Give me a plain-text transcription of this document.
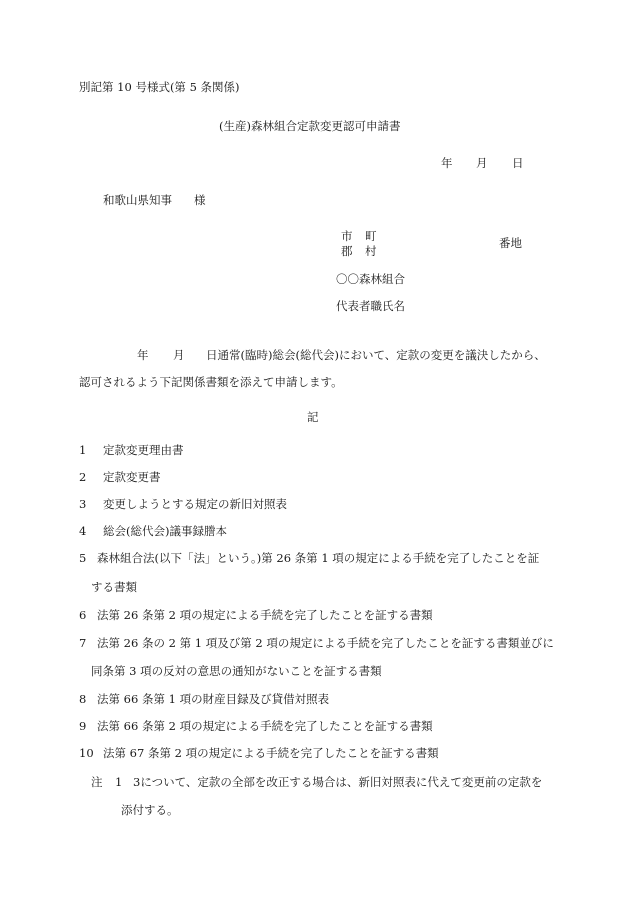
別記第 10 号様式(第 5 条関係)
(生産)森林組合定款変更認可申請書
年 月 日
和歌山県知事 様
市 町
郡 村
番地
〇〇森林組合
代表者職氏名
年 月 日通常(臨時)総会(総代会)において、定款の変更を議決したから、
認可されるよう下記関係書類を添えて申請します。
記
1 定款変更理由書
2 定款変更書
3 変更しようとする規定の新旧対照表
4 総会(総代会)議事録謄本
5 森林組合法(以下「法」という。)第 26 条第 1 項の規定による手続を完了したことを証
する書類
6 法第 26 条第 2 項の規定による手続を完了したことを証する書類
7 法第 26 条の 2 第 1 項及び第 2 項の規定による手続を完了したことを証する書類並びに
同条第 3 項の反対の意思の通知がないことを証する書類
8 法第 66 条第 1 項の財産目録及び貸借対照表
9 法第 66 条第 2 項の規定による手続を完了したことを証する書類
10 法第 67 条第 2 項の規定による手続を完了したことを証する書類
注 1 3について、定款の全部を改正する場合は、新旧対照表に代えて変更前の定款を
添付する。
